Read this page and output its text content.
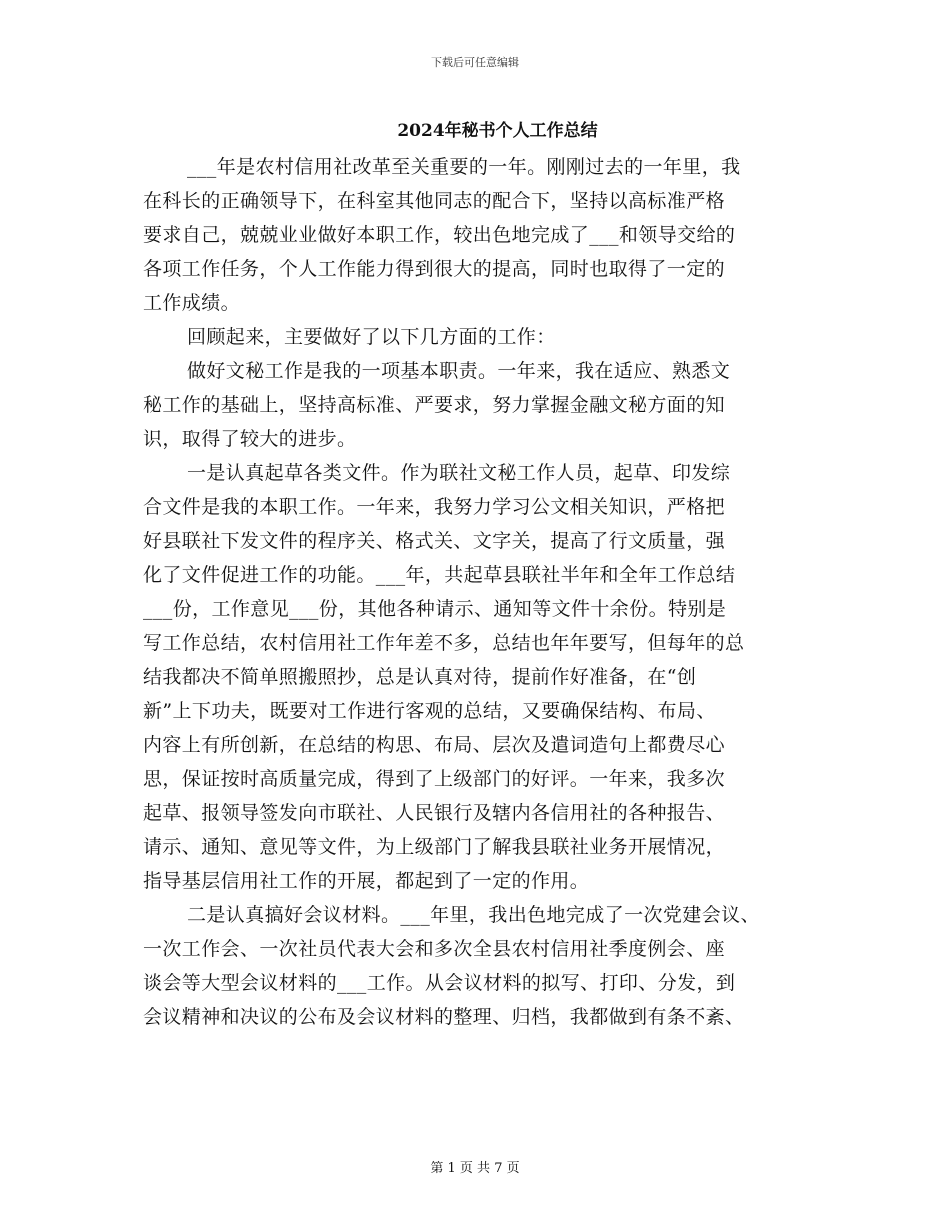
下载后可任意编辑
2024年秘书个人工作总结
___年是农村信用社改革至关重要的一年。刚刚过去的一年里，我
在科长的正确领导下，在科室其他同志的配合下，坚持以高标准严格
要求自己，兢兢业业做好本职工作，较出色地完成了___和领导交给的
各项工作任务，个人工作能力得到很大的提高，同时也取得了一定的
工作成绩。
回顾起来，主要做好了以下几方面的工作：
做好文秘工作是我的一项基本职责。一年来，我在适应、熟悉文
秘工作的基础上，坚持高标准、严要求，努力掌握金融文秘方面的知
识，取得了较大的进步。
一是认真起草各类文件。作为联社文秘工作人员，起草、印发综
合文件是我的本职工作。一年来，我努力学习公文相关知识，严格把
好县联社下发文件的程序关、格式关、文字关，提高了行文质量，强
化了文件促进工作的功能。___年，共起草县联社半年和全年工作总结
___份，工作意见___份，其他各种请示、通知等文件十余份。特别是
写工作总结，农村信用社工作年差不多，总结也年年要写，但每年的总
结我都决不简单照搬照抄，总是认真对待，提前作好准备，在“创
新”上下功夫，既要对工作进行客观的总结，又要确保结构、布局、
内容上有所创新，在总结的构思、布局、层次及遣词造句上都费尽心
思，保证按时高质量完成，得到了上级部门的好评。一年来，我多次
起草、报领导签发向市联社、人民银行及辖内各信用社的各种报告、
请示、通知、意见等文件，为上级部门了解我县联社业务开展情况，
指导基层信用社工作的开展，都起到了一定的作用。
二是认真搞好会议材料。___年里，我出色地完成了一次党建会议、
一次工作会、一次社员代表大会和多次全县农村信用社季度例会、座
谈会等大型会议材料的___工作。从会议材料的拟写、打印、分发，到
会议精神和决议的公布及会议材料的整理、归档，我都做到有条不紊、
第 1 页 共 7 页
